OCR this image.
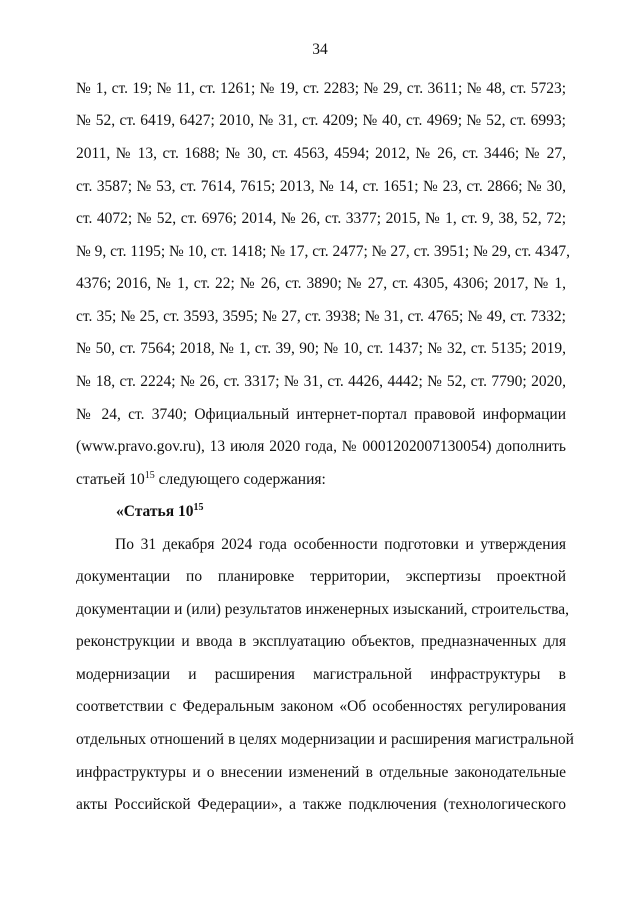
34
№ 1, ст. 19; № 11, ст. 1261; № 19, ст. 2283; № 29, ст. 3611; № 48, ст. 5723;
№ 52, ст. 6419, 6427; 2010, № 31, ст. 4209; № 40, ст. 4969; № 52, ст. 6993;
2011, № 13, ст. 1688; № 30, ст. 4563, 4594; 2012, № 26, ст. 3446; № 27,
ст. 3587; № 53, ст. 7614, 7615; 2013, № 14, ст. 1651; № 23, ст. 2866; № 30,
ст. 4072; № 52, ст. 6976; 2014, № 26, ст. 3377; 2015, № 1, ст. 9, 38, 52, 72;
№ 9, ст. 1195; № 10, ст. 1418; № 17, ст. 2477; № 27, ст. 3951; № 29, ст. 4347,
4376; 2016, № 1, ст. 22; № 26, ст. 3890; № 27, ст. 4305, 4306; 2017, № 1,
ст. 35; № 25, ст. 3593, 3595; № 27, ст. 3938; № 31, ст. 4765; № 49, ст. 7332;
№ 50, ст. 7564; 2018, № 1, ст. 39, 90; № 10, ст. 1437; № 32, ст. 5135; 2019,
№ 18, ст. 2224; № 26, ст. 3317; № 31, ст. 4426, 4442; № 52, ст. 7790; 2020,
№ 24, ст. 3740; Официальный интернет-портал правовой информации
(www.pravo.gov.ru), 13 июля 2020 года, № 0001202007130054) дополнить
статьей $10^{15}$ следующего содержания:
«Статья $10^{15}$
По 31 декабря 2024 года особенности подготовки и утверждения
документации по планировке территории, экспертизы проектной
документации и (или) результатов инженерных изысканий, строительства,
реконструкции и ввода в эксплуатацию объектов, предназначенных для
модернизации и расширения магистральной инфраструктуры в
соответствии с Федеральным законом «Об особенностях регулирования
отдельных отношений в целях модернизации и расширения магистральной
инфраструктуры и о внесении изменений в отдельные законодательные
акты Российской Федерации», а также подключения (технологического
